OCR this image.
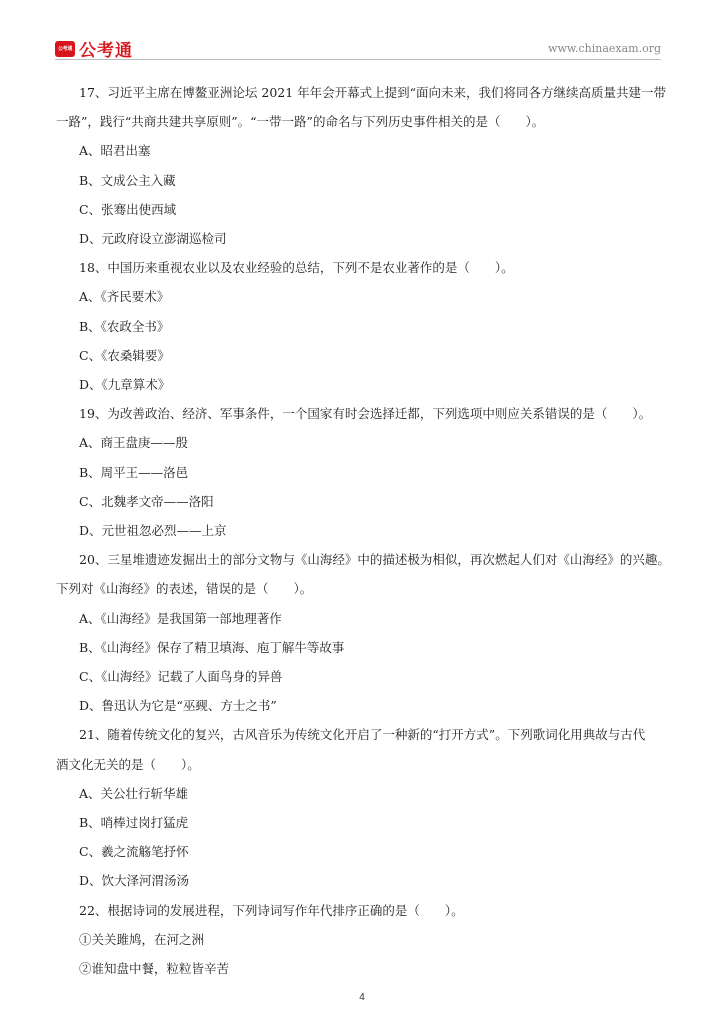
公考通 公考通	www.chinaexam.org
17、习近平主席在博鳌亚洲论坛 2021 年年会开幕式上提到“面向未来，我们将同各方继续高质量共建一带
一路”，践行“共商共建共享原则”。“一带一路”的命名与下列历史事件相关的是（　　）。
A、昭君出塞
B、文成公主入藏
C、张骞出使西域
D、元政府设立澎湖巡检司
18、中国历来重视农业以及农业经验的总结，下列不是农业著作的是（　　）。
A、《齐民要术》
B、《农政全书》
C、《农桑辑要》
D、《九章算术》
19、为改善政治、经济、军事条件，一个国家有时会选择迁都，下列选项中则应关系错误的是（　　）。
A、商王盘庚——殷
B、周平王——洛邑
C、北魏孝文帝——洛阳
D、元世祖忽必烈——上京
20、三星堆遗迹发掘出土的部分文物与《山海经》中的描述极为相似，再次燃起人们对《山海经》的兴趣。
下列对《山海经》的表述，错误的是（　　）。
A、《山海经》是我国第一部地理著作
B、《山海经》保存了精卫填海、庖丁解牛等故事
C、《山海经》记载了人面鸟身的异兽
D、鲁迅认为它是“巫觋、方士之书”
21、随着传统文化的复兴，古风音乐为传统文化开启了一种新的“打开方式”。下列歌词化用典故与古代
酒文化无关的是（　　）。
A、关公壮行斩华雄
B、哨棒过岗打猛虎
C、羲之流觞笔抒怀
D、饮大泽河渭汤汤
22、根据诗词的发展进程，下列诗词写作年代排序正确的是（　　）。
①关关雎鸠，在河之洲
②谁知盘中餐，粒粒皆辛苦
4
